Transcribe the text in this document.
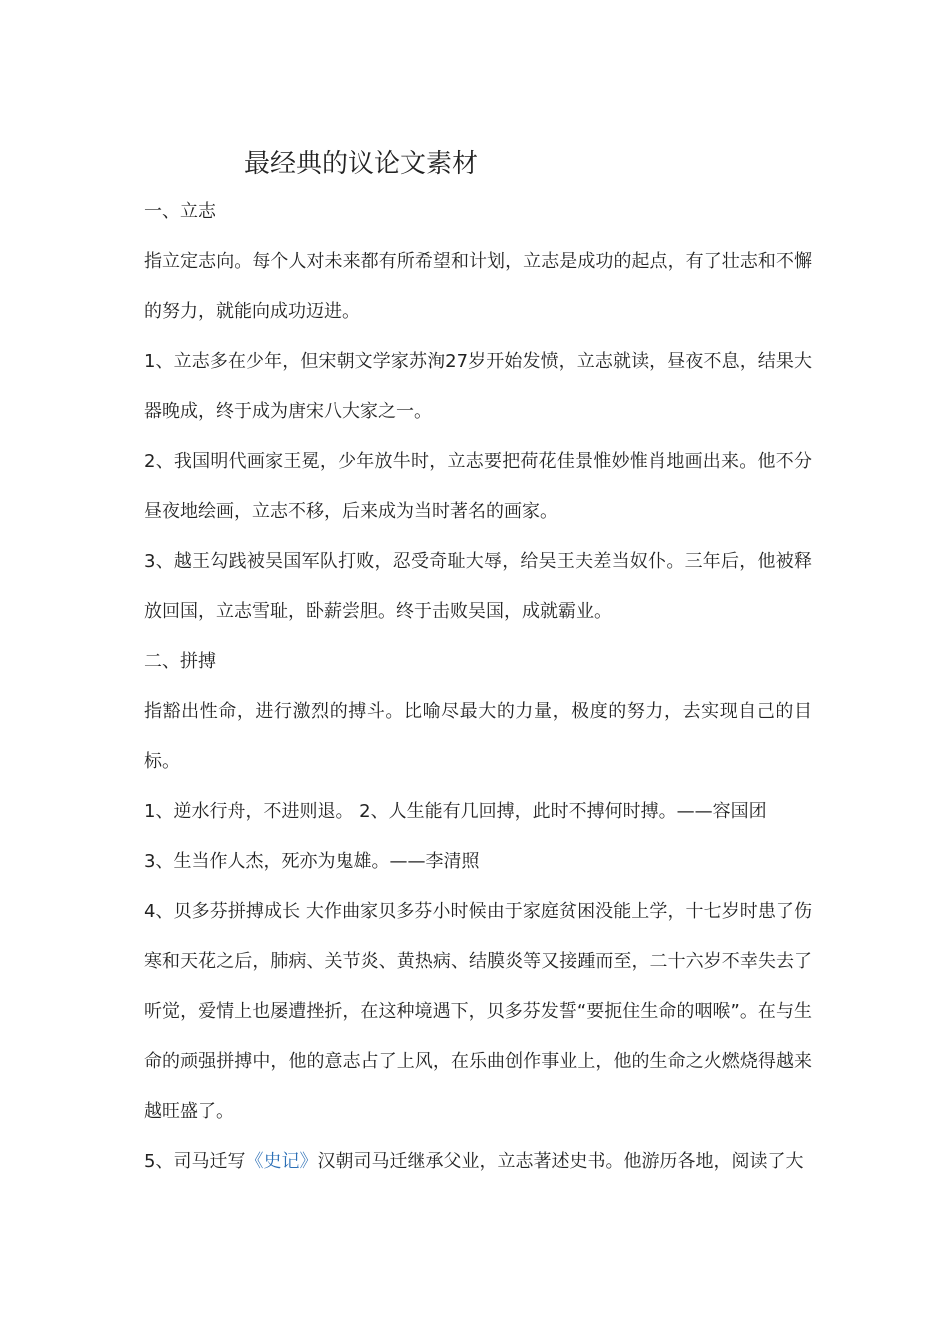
最经典的议论文素材

一、立志

指立定志向。每个人对未来都有所希望和计划，立志是成功的起点，有了壮志和不懈的努力，就能向成功迈进。

1、立志多在少年，但宋朝文学家苏洵27岁开始发愤，立志就读，昼夜不息，结果大器晚成，终于成为唐宋八大家之一。

2、我国明代画家王冕，少年放牛时，立志要把荷花佳景惟妙惟肖地画出来。他不分昼夜地绘画，立志不移，后来成为当时著名的画家。

3、越王勾践被吴国军队打败，忍受奇耻大辱，给吴王夫差当奴仆。三年后，他被释放回国，立志雪耻，卧薪尝胆。终于击败吴国，成就霸业。

二、拼搏

指豁出性命，进行激烈的搏斗。比喻尽最大的力量，极度的努力，去实现自己的目标。

1、逆水行舟，不进则退。 2、人生能有几回搏，此时不搏何时搏。——容国团

3、生当作人杰，死亦为鬼雄。——李清照

4、贝多芬拼搏成长 大作曲家贝多芬小时候由于家庭贫困没能上学，十七岁时患了伤寒和天花之后，肺病、关节炎、黄热病、结膜炎等又接踵而至，二十六岁不幸失去了听觉，爱情上也屡遭挫折，在这种境遇下，贝多芬发誓“要扼住生命的咽喉”。在与生命的顽强拼搏中，他的意志占了上风，在乐曲创作事业上，他的生命之火燃烧得越来越旺盛了。

5、司马迁写《史记》汉朝司马迁继承父业，立志著述史书。他游历各地，阅读了大
